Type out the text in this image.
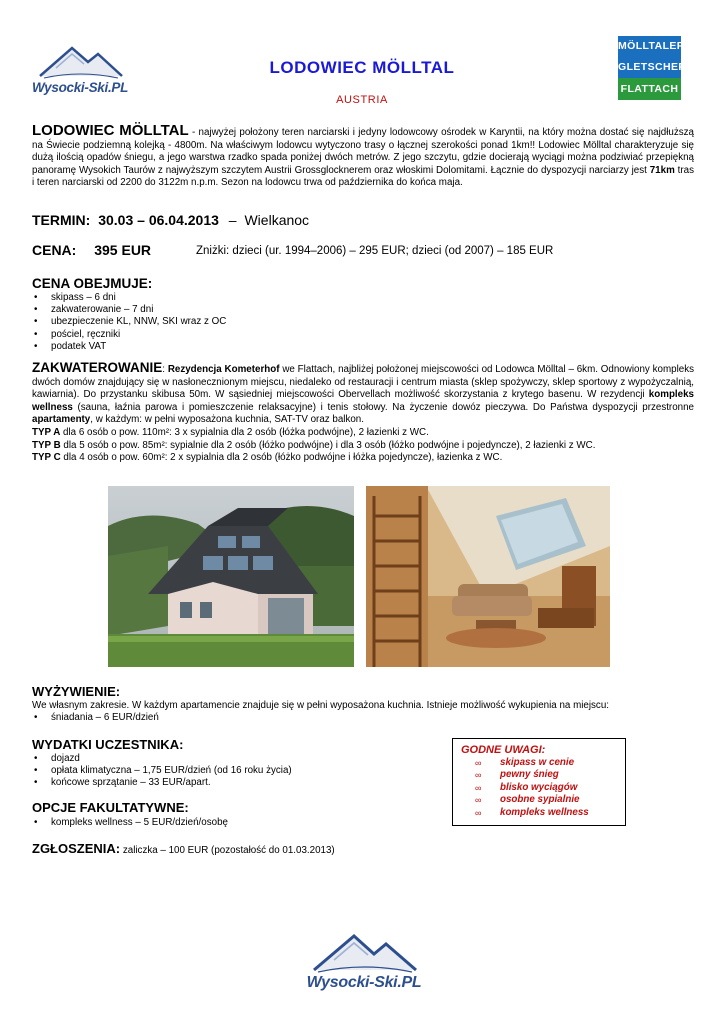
Wysocki-Ski.PL
LODOWIEC MÖLLTAL
AUSTRIA
MÖLLTALER
GLETSCHER
FLATTACH
LODOWIEC MÖLLTAL - najwyżej położony teren narciarski i jedyny lodowcowy ośrodek w Karyntii, na który można dostać się najdłuższą na Świecie podziemną kolejką - 4800m. Na właściwym lodowcu wytyczono trasy o łącznej szerokości ponad 1km!! Lodowiec Mölltal charakteryzuje się dużą ilością opadów śniegu, a jego warstwa rzadko spada poniżej dwóch metrów. Z jego szczytu, gdzie docierają wyciągi można podziwiać przepiękną panoramę Wysokich Taurów z najwyższym szczytem Austrii Grossglocknerem oraz włoskimi Dolomitami. Łącznie do dyspozycji narciarzy jest 71km tras i teren narciarski od 2200 do 3122m n.p.m. Sezon na lodowcu trwa od października do końca maja.
TERMIN: 30.03 – 06.04.2013 – Wielkanoc
CENA: 395 EUR	Zniżki: dzieci (ur. 1994–2006) – 295 EUR; dzieci (od 2007) – 185 EUR
CENA OBEJMUJE:
• skipass – 6 dni
• zakwaterowanie – 7 dni
• ubezpieczenie KL, NNW, SKI wraz z OC
• pościel, ręczniki
• podatek VAT
ZAKWATEROWANIE: Rezydencja Kometerhof we Flattach, najbliżej położonej miejscowości od Lodowca Mölltal – 6km. Odnowiony kompleks dwóch domów znajdujący się w nasłonecznionym miejscu, niedaleko od restauracji i centrum miasta (sklep spożywczy, sklep sportowy z wypożyczalnią, kawiarnia). Do przystanku skibusa 50m. W sąsiedniej miejscowości Obervellach możliwość skorzystania z krytego basenu. W rezydencji kompleks wellness (sauna, łaźnia parowa i pomieszczenie relaksacyjne) i tenis stołowy. Na życzenie dowóz pieczywa. Do Państwa dyspozycji przestronne apartamenty, w każdym: w pełni wyposażona kuchnia, SAT-TV oraz balkon.
TYP A dla 6 osób o pow. 110m²: 3 x sypialnia dla 2 osób (łóżka podwójne), 2 łazienki z WC.
TYP B dla 5 osób o pow. 85m²: sypialnie dla 2 osób (łóżko podwójne) i dla 3 osób (łóżko podwójne i pojedyncze), 2 łazienki z WC.
TYP C dla 4 osób o pow. 60m²: 2 x sypialnia dla 2 osób (łóżko podwójne i łóżka pojedyncze), łazienka z WC.
WYŻYWIENIE:
We własnym zakresie. W każdym apartamencie znajduje się w pełni wyposażona kuchnia. Istnieje możliwość wykupienia na miejscu:
• śniadania – 6 EUR/dzień
WYDATKI UCZESTNIKA:
• dojazd
• opłata klimatyczna – 1,75 EUR/dzień (od 16 roku życia)
• końcowe sprzątanie – 33 EUR/apart.
OPCJE FAKULTATYWNE:
• kompleks wellness – 5 EUR/dzień/osobę
ZGŁOSZENIA: zaliczka – 100 EUR (pozostałość do 01.03.2013)
GODNE UWAGI:
∞ skipass w cenie
∞ pewny śnieg
∞ blisko wyciągów
∞ osobne sypialnie
∞ kompleks wellness
Wysocki-Ski.PL
